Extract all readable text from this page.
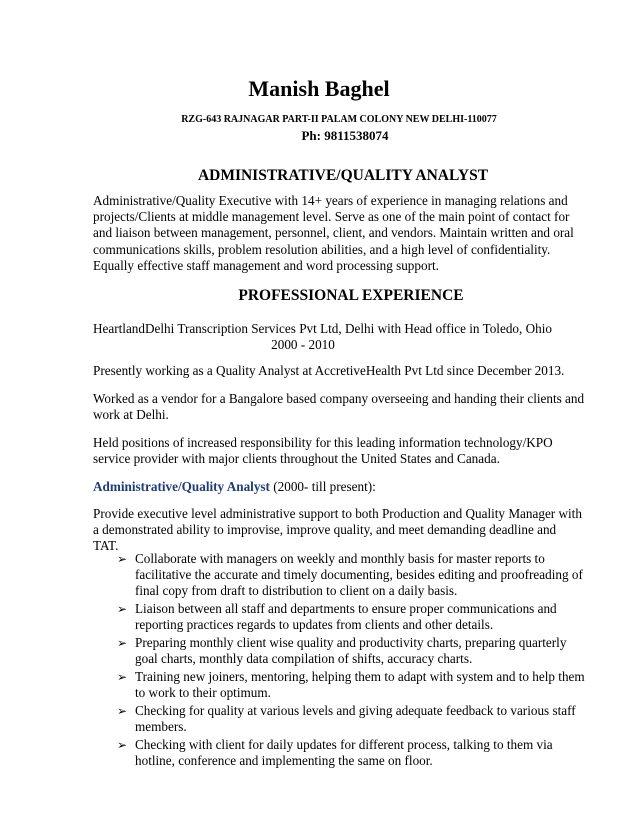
Manish Baghel
RZG-643 RAJNAGAR PART-II PALAM COLONY NEW DELHI-110077
Ph: 9811538074
ADMINISTRATIVE/QUALITY ANALYST
Administrative/Quality Executive with 14+ years of experience in managing relations and
projects/Clients at middle management level. Serve as one of the main point of contact for
and liaison between management, personnel, client, and vendors. Maintain written and oral
communications skills, problem resolution abilities, and a high level of confidentiality.
Equally effective staff management and word processing support.
PROFESSIONAL EXPERIENCE
HeartlandDelhi Transcription Services Pvt Ltd, Delhi with Head office in Toledo, Ohio
2000 - 2010
Presently working as a Quality Analyst at AccretiveHealth Pvt Ltd since December 2013.
Worked as a vendor for a Bangalore based company overseeing and handing their clients and
work at Delhi.
Held positions of increased responsibility for this leading information technology/KPO
service provider with major clients throughout the United States and Canada.
Administrative/Quality Analyst (2000- till present):
Provide executive level administrative support to both Production and Quality Manager with
a demonstrated ability to improvise, improve quality, and meet demanding deadline and
TAT.
➢ Collaborate with managers on weekly and monthly basis for master reports to
facilitative the accurate and timely documenting, besides editing and proofreading of
final copy from draft to distribution to client on a daily basis.
➢ Liaison between all staff and departments to ensure proper communications and
reporting practices regards to updates from clients and other details.
➢ Preparing monthly client wise quality and productivity charts, preparing quarterly
goal charts, monthly data compilation of shifts, accuracy charts.
➢ Training new joiners, mentoring, helping them to adapt with system and to help them
to work to their optimum.
➢ Checking for quality at various levels and giving adequate feedback to various staff
members.
➢ Checking with client for daily updates for different process, talking to them via
hotline, conference and implementing the same on floor.
